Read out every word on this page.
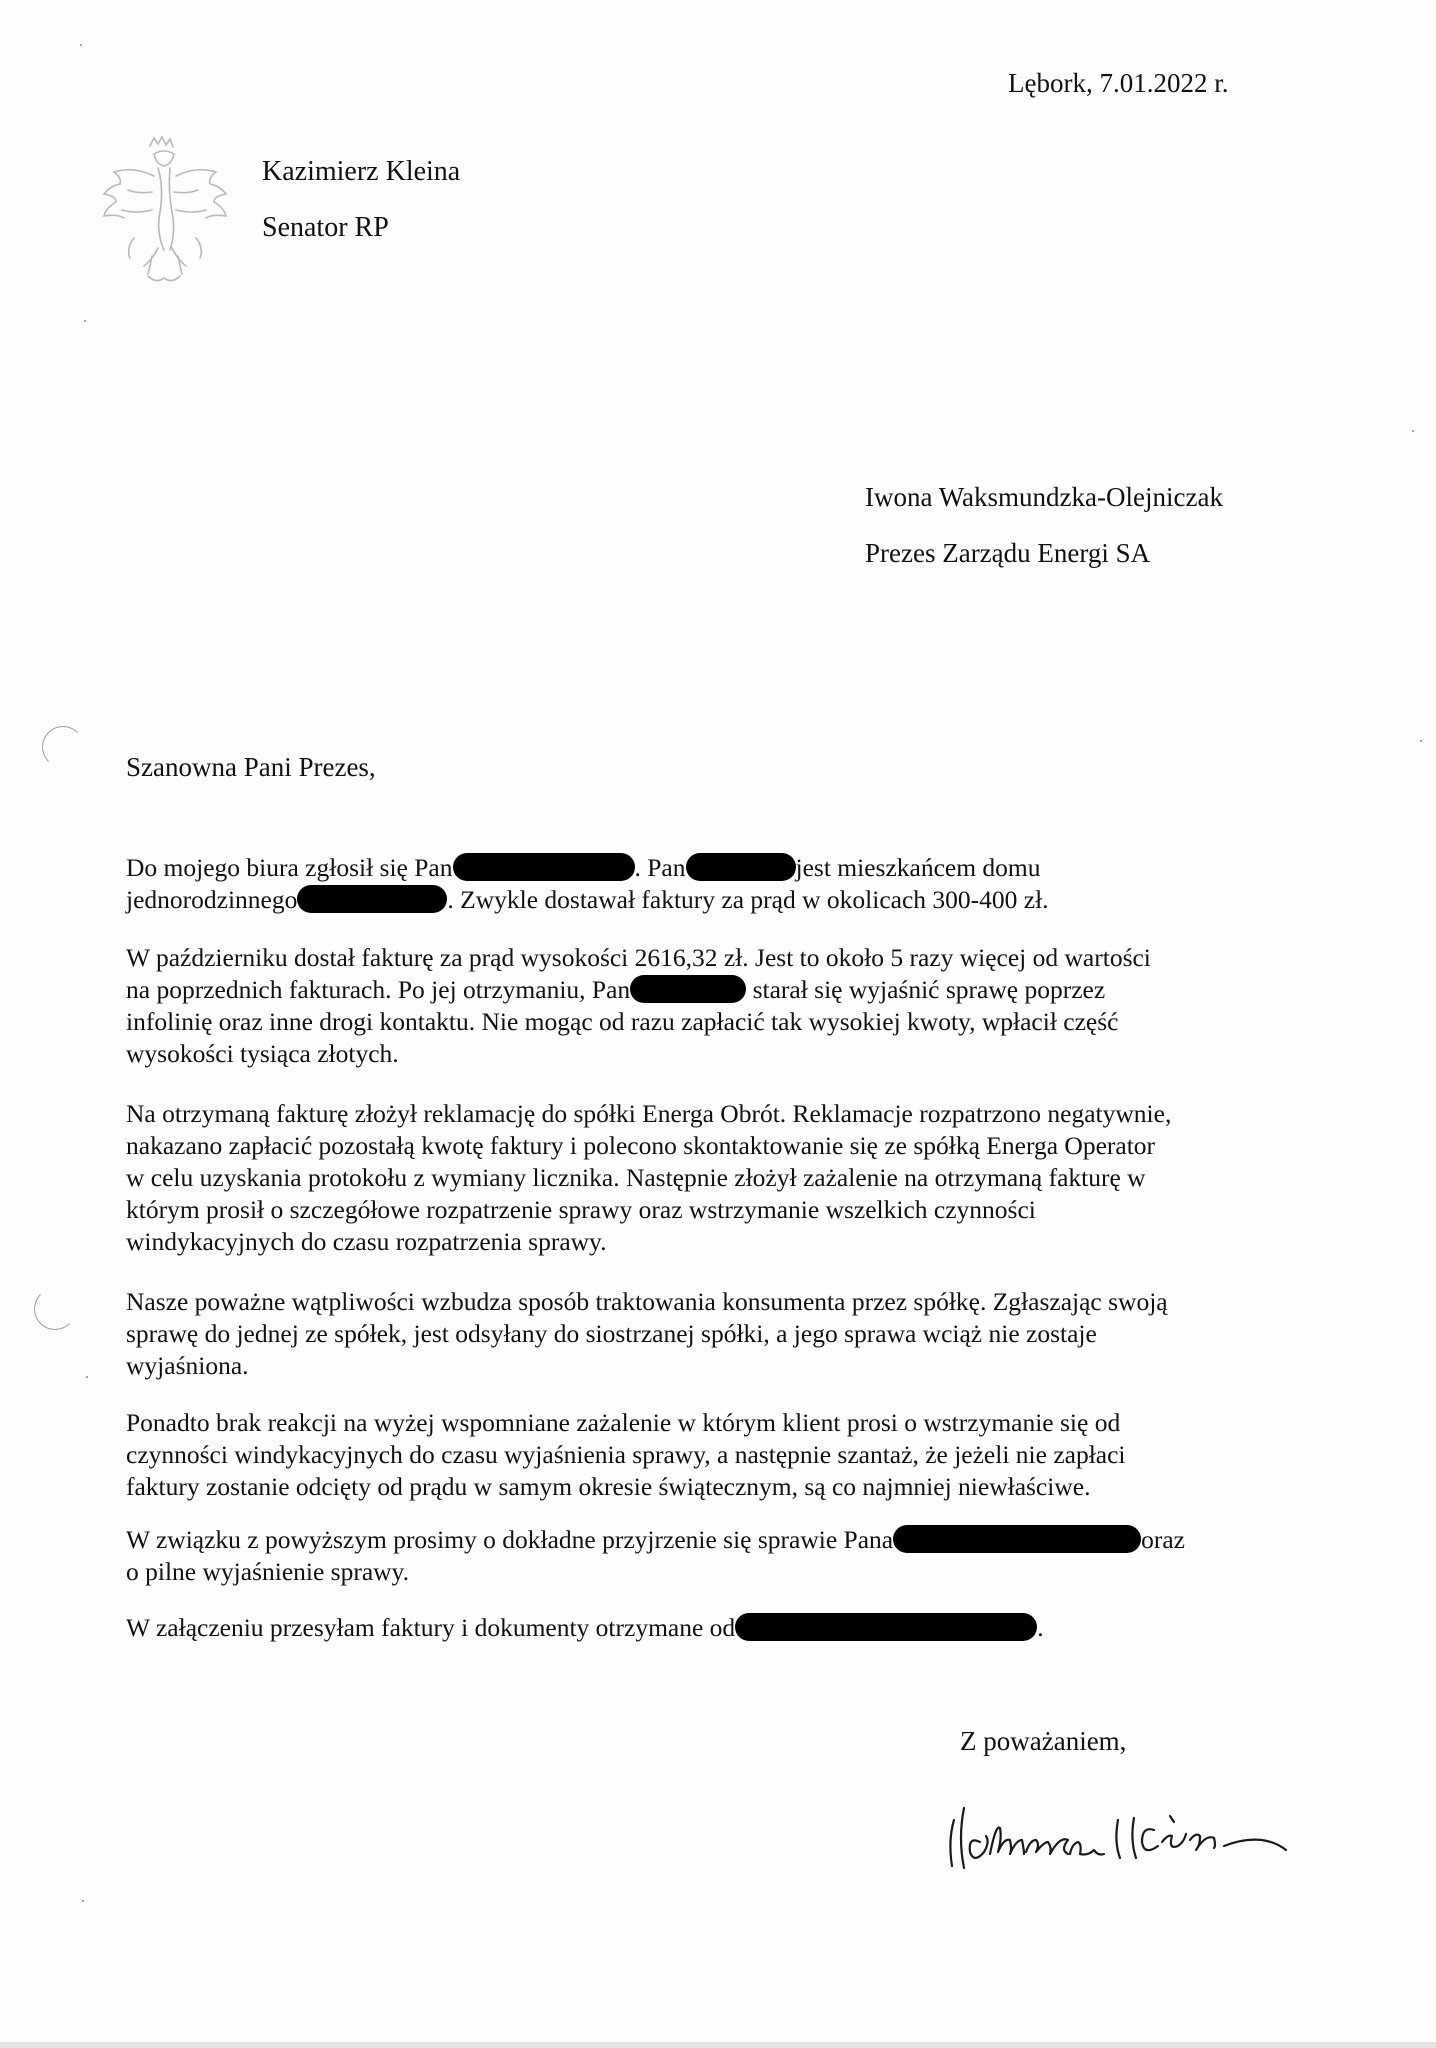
Lębork, 7.01.2022 r.
Kazimierz Kleina
Senator RP
Iwona Waksmundzka-Olejniczak
Prezes Zarządu Energi SA
Szanowna Pani Prezes,
Do mojego biura zgłosił się Pan	. Pan	jest mieszkańcem domu
jednorodzinnego	. Zwykle dostawał faktury za prąd w okolicach 300-400 zł.
W październiku dostał fakturę za prąd wysokości 2616,32 zł. Jest to około 5 razy więcej od wartości
na poprzednich fakturach. Po jej otrzymaniu, Pan	starał się wyjaśnić sprawę poprzez
infolinię oraz inne drogi kontaktu. Nie mogąc od razu zapłacić tak wysokiej kwoty, wpłacił część
wysokości tysiąca złotych.
Na otrzymaną fakturę złożył reklamację do spółki Energa Obrót. Reklamacje rozpatrzono negatywnie,
nakazano zapłacić pozostałą kwotę faktury i polecono skontaktowanie się ze spółką Energa Operator
w celu uzyskania protokołu z wymiany licznika. Następnie złożył zażalenie na otrzymaną fakturę w
którym prosił o szczegółowe rozpatrzenie sprawy oraz wstrzymanie wszelkich czynności
windykacyjnych do czasu rozpatrzenia sprawy.
Nasze poważne wątpliwości wzbudza sposób traktowania konsumenta przez spółkę. Zgłaszając swoją
sprawę do jednej ze spółek, jest odsyłany do siostrzanej spółki, a jego sprawa wciąż nie zostaje
wyjaśniona.
Ponadto brak reakcji na wyżej wspomniane zażalenie w którym klient prosi o wstrzymanie się od
czynności windykacyjnych do czasu wyjaśnienia sprawy, a następnie szantaż, że jeżeli nie zapłaci
faktury zostanie odcięty od prądu w samym okresie świątecznym, są co najmniej niewłaściwe.
W związku z powyższym prosimy o dokładne przyjrzenie się sprawie Pana	oraz
o pilne wyjaśnienie sprawy.
W załączeniu przesyłam faktury i dokumenty otrzymane od	.
Z poważaniem,
